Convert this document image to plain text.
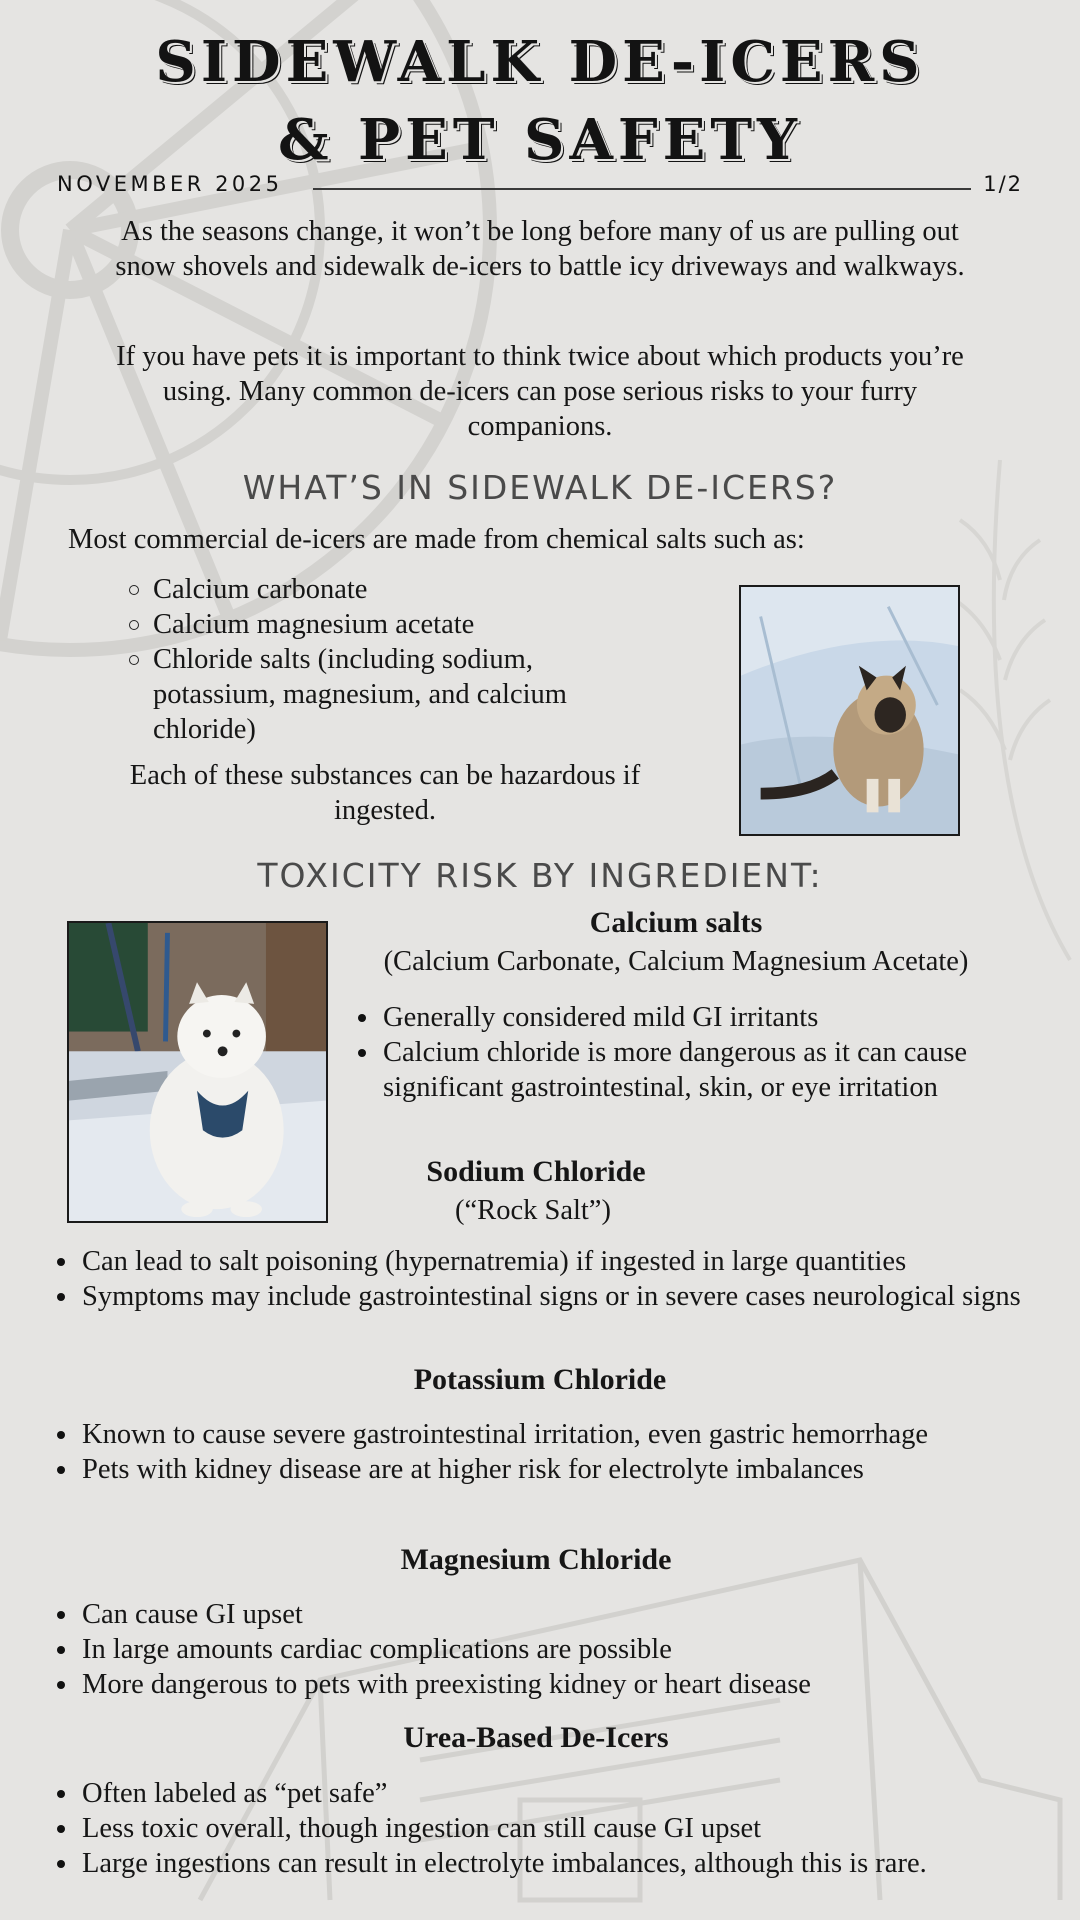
SIDEWALK DE-ICERS
& PET SAFETY
NOVEMBER 2025	1/2

As the seasons change, it won’t be long before many of us are pulling out snow shovels and sidewalk de-icers to battle icy driveways and walkways.

If you have pets it is important to think twice about which products you’re using. Many common de-icers can pose serious risks to your furry companions.

WHAT’S IN SIDEWALK DE-ICERS?

Most commercial de-icers are made from chemical salts such as:

Calcium carbonate
Calcium magnesium acetate
Chloride salts (including sodium, potassium, magnesium, and calcium chloride)

Each of these substances can be hazardous if ingested.

TOXICITY RISK BY INGREDIENT:
Calcium salts

(Calcium Carbonate, Calcium Magnesium Acetate)

Generally considered mild GI irritants
Calcium chloride is more dangerous as it can cause significant gastrointestinal, skin, or eye irritation
Sodium Chloride

(“Rock Salt”)

Can lead to salt poisoning (hypernatremia) if ingested in large quantities
Symptoms may include gastrointestinal signs or in severe cases neurological signs
Potassium Chloride
Known to cause severe gastrointestinal irritation, even gastric hemorrhage
Pets with kidney disease are at higher risk for electrolyte imbalances
Magnesium Chloride
Can cause GI upset
In large amounts cardiac complications are possible
More dangerous to pets with preexisting kidney or heart disease
Urea-Based De-Icers
Often labeled as “pet safe”
Less toxic overall, though ingestion can still cause GI upset
Large ingestions can result in electrolyte imbalances, although this is rare.
